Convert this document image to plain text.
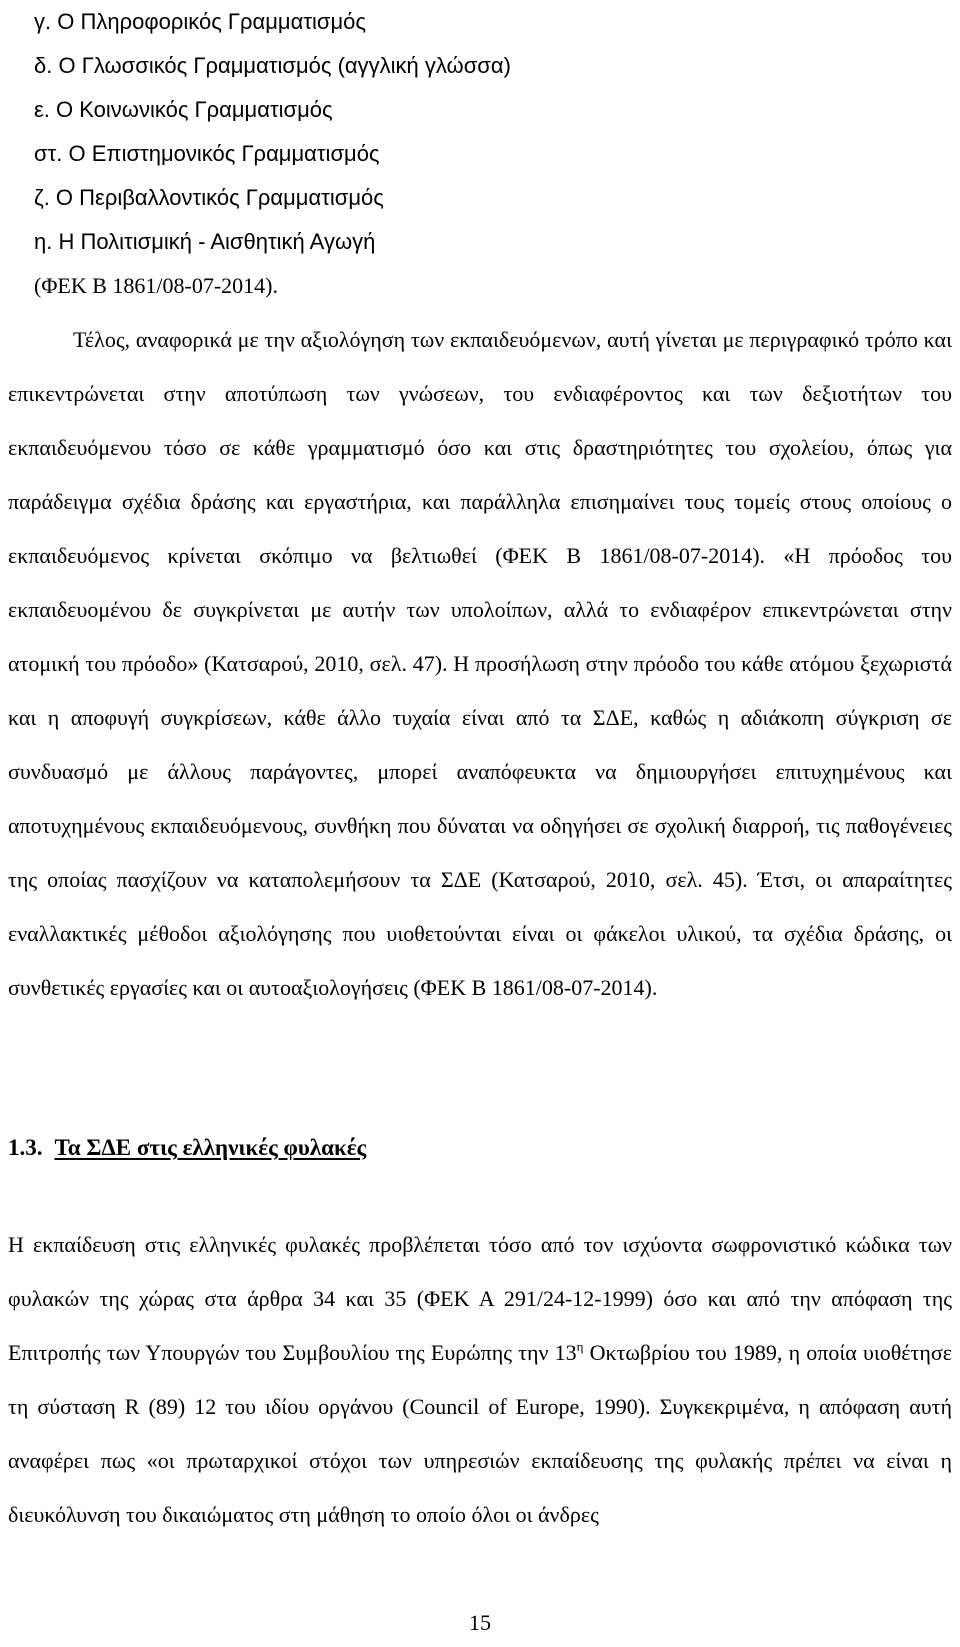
γ. Ο Πληροφορικός Γραμματισμός
δ. Ο Γλωσσικός Γραμματισμός (αγγλική γλώσσα)
ε. Ο Κοινωνικός Γραμματισμός
στ. Ο Επιστημονικός Γραμματισμός
ζ. Ο Περιβαλλοντικός Γραμματισμός
η. Η Πολιτισμική - Αισθητική Αγωγή
(ΦΕΚ Β 1861/08-07-2014).

Τέλος, αναφορικά με την αξιολόγηση των εκπαιδευόμενων, αυτή γίνεται με περιγραφικό τρόπο και επικεντρώνεται στην αποτύπωση των γνώσεων, του ενδιαφέροντος και των δεξιοτήτων του εκπαιδευόμενου τόσο σε κάθε γραμματισμό όσο και στις δραστηριότητες του σχολείου, όπως για παράδειγμα σχέδια δράσης και εργαστήρια, και παράλληλα επισημαίνει τους τομείς στους οποίους ο εκπαιδευόμενος κρίνεται σκόπιμο να βελτιωθεί (ΦΕΚ Β 1861/08-07-2014). «Η πρόοδος του εκπαιδευομένου δε συγκρίνεται με αυτήν των υπολοίπων, αλλά το ενδιαφέρον επικεντρώνεται στην ατομική του πρόοδο» (Κατσαρού, 2010, σελ. 47). Η προσήλωση στην πρόοδο του κάθε ατόμου ξεχωριστά και η αποφυγή συγκρίσεων, κάθε άλλο τυχαία είναι από τα ΣΔΕ, καθώς η αδιάκοπη σύγκριση σε συνδυασμό με άλλους παράγοντες, μπορεί αναπόφευκτα να δημιουργήσει επιτυχημένους και αποτυχημένους εκπαιδευόμενους, συνθήκη που δύναται να οδηγήσει σε σχολική διαρροή, τις παθογένειες της οποίας πασχίζουν να καταπολεμήσουν τα ΣΔΕ (Κατσαρού, 2010, σελ. 45). Έτσι, οι απαραίτητες εναλλακτικές μέθοδοι αξιολόγησης που υιοθετούνται είναι οι φάκελοι υλικού, τα σχέδια δράσης, οι συνθετικές εργασίες και οι αυτοαξιολογήσεις (ΦΕΚ Β 1861/08-07-2014).

1.3. Τα ΣΔΕ στις ελληνικές φυλακές

Η εκπαίδευση στις ελληνικές φυλακές προβλέπεται τόσο από τον ισχύοντα σωφρονιστικό κώδικα των φυλακών της χώρας στα άρθρα 34 και 35 (ΦΕΚ Α 291/24-12-1999) όσο και από την απόφαση της Επιτροπής των Υπουργών του Συμβουλίου της Ευρώπης την $13^\eta$ Οκτωβρίου του 1989, η οποία υιοθέτησε τη σύσταση R (89) 12 του ιδίου οργάνου (Council of Europe, 1990). Συγκεκριμένα, η απόφαση αυτή αναφέρει πως «οι πρωταρχικοί στόχοι των υπηρεσιών εκπαίδευσης της φυλακής πρέπει να είναι η διευκόλυνση του δικαιώματος στη μάθηση το οποίο όλοι οι άνδρες

15
